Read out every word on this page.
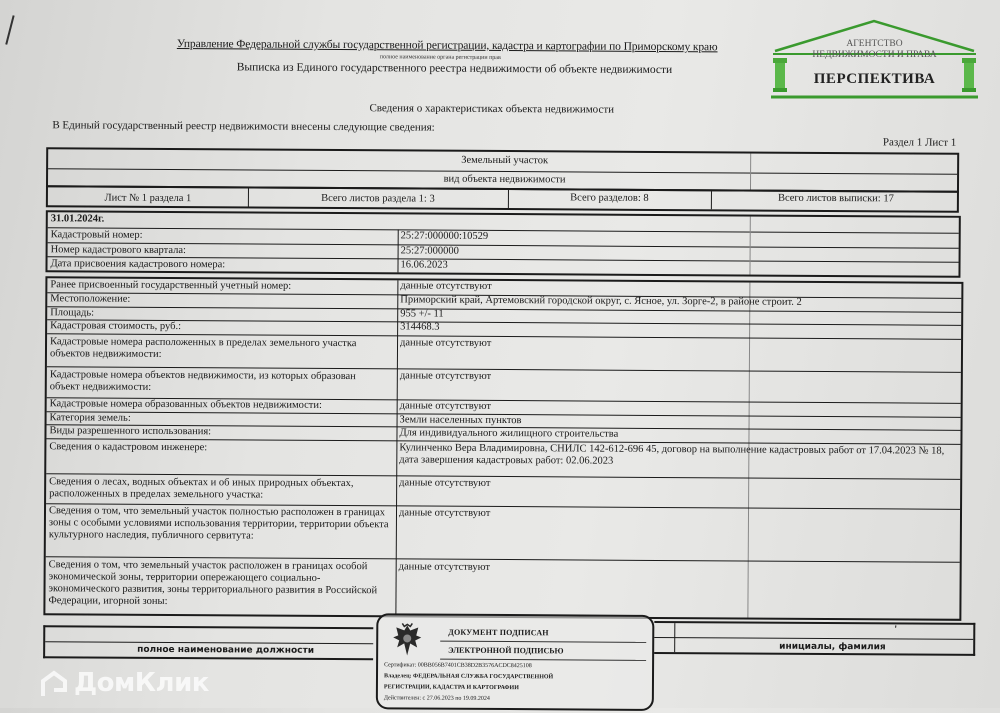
Управление Федеральной службы государственной регистрации, кадастра и картографии по Приморскому краю
полное наименование органа регистрации прав
Выписка из Единого государственного реестра недвижимости об объекте недвижимости
Сведения о характеристиках объекта недвижимости
В Единый государственный реестр недвижимости внесены следующие сведения:
Раздел 1 Лист 1
Земельный участок
вид объекта недвижимости
Лист № 1 раздела 1	Всего листов раздела 1: 3	Всего разделов: 8	Всего листов выписки: 17
31.01.2024г.
Кадастровый номер:	25:27:000000:10529
Номер кадастрового квартала:	25:27:000000
Дата присвоения кадастрового номера:	16.06.2023
Ранее присвоенный государственный учетный номер:	данные отсутствуют
Местоположение:	Приморский край, Артемовский городской округ, с. Ясное, ул. Зорге-2, в районе строит. 2
Площадь:	955 +/- 11
Кадастровая стоимость, руб.:	314468.3
Кадастровые номера расположенных в пределах земельного участка объектов недвижимости:
данные отсутствуют
Кадастровые номера объектов недвижимости, из которых образован объект недвижимости:
данные отсутствуют
Кадастровые номера образованных объектов недвижимости:	данные отсутствуют
Категория земель:	Земли населенных пунктов
Виды разрешенного использования:	Для индивидуального жилищного строительства
Сведения о кадастровом инженере:	Кулинченко Вера Владимировна, СНИЛС 142-612-696 45, договор на выполнение кадастровых работ от 17.04.2023 № 18, дата завершения кадастровых работ: 02.06.2023
Сведения о лесах, водных объектах и об иных природных объектах, расположенных в пределах земельного участка:
данные отсутствуют
Сведения о том, что земельный участок полностью расположен в границах зоны с особыми условиями использования территории, территории объекта культурного наследия, публичного сервитута:
данные отсутствуют
Сведения о том, что земельный участок расположен в границах особой экономической зоны, территории опережающего социально-экономического развития, зоны территориального развития в Российской Федерации, игорной зоны:
данные отсутствуют
полное наименование должности
'
инициалы, фамилия
ДОКУМЕНТ ПОДПИСАН
ЭЛЕКТРОННОЙ ПОДПИСЬЮ
Сертификат: 00BB056B7401CB38D2B3576ACDC8425108
Владелец: ФЕДЕРАЛЬНАЯ СЛУЖБА ГОСУДАРСТВЕННОЙ
РЕГИСТРАЦИИ, КАДАСТРА И КАРТОГРАФИИ
Действителен: с 27.06.2023 по 19.09.2024
АГЕНТСТВО
НЕДВИЖИМОСТИ И ПРАВА
ПЕРСПЕКТИВА
ДомКлик
